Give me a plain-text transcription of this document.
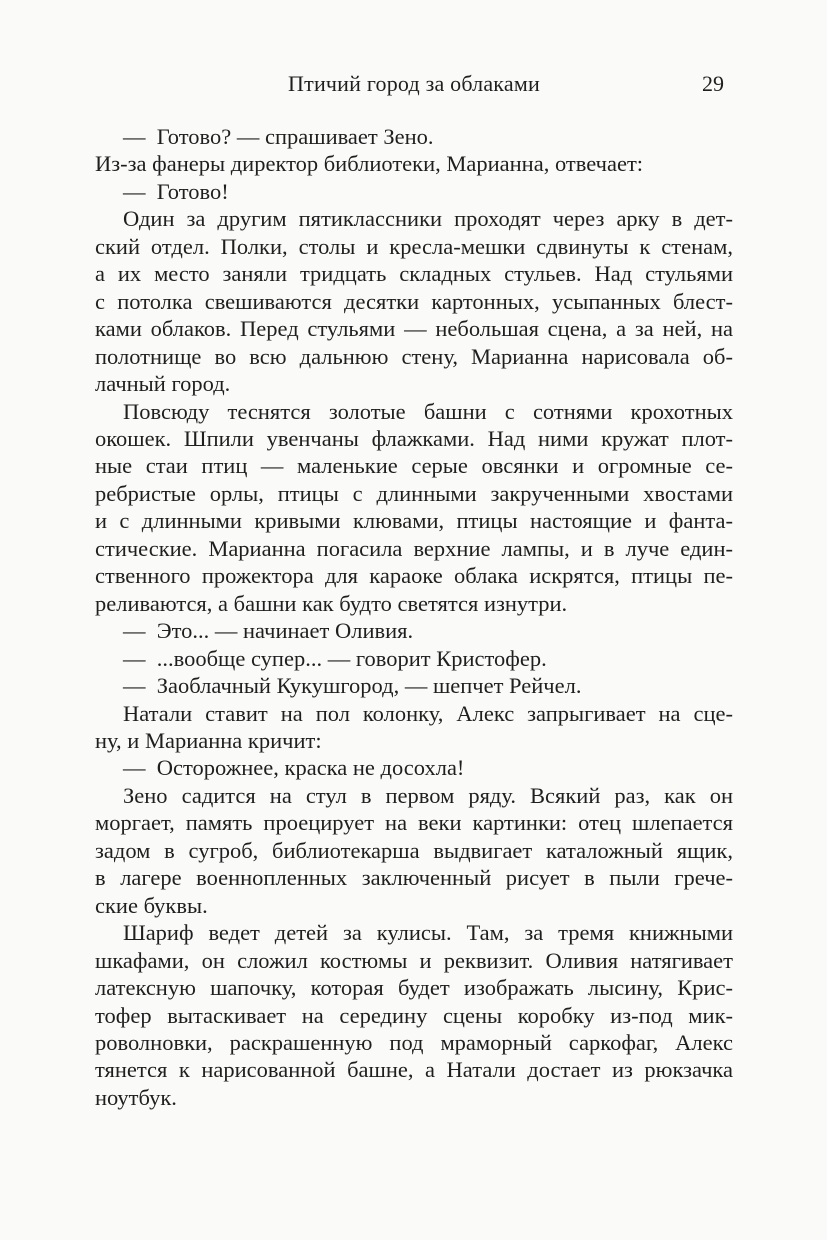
Птичий город за облаками	29
— Готово? — спрашивает Зено.
Из-за фанеры директор библиотеки, Марианна, отвечает:
— Готово!
Один за другим пятиклассники проходят через арку в дет-
ский отдел. Полки, столы и кресла-мешки сдвинуты к стенам,
а их место заняли тридцать складных стульев. Над стульями
с потолка свешиваются десятки картонных, усыпанных блест-
ками облаков. Перед стульями — небольшая сцена, а за ней, на
полотнище во всю дальнюю стену, Марианна нарисовала об-
лачный город.
Повсюду теснятся золотые башни с сотнями крохотных
окошек. Шпили увенчаны флажками. Над ними кружат плот-
ные стаи птиц — маленькие серые овсянки и огромные се-
ребристые орлы, птицы с длинными закрученными хвостами
и с длинными кривыми клювами, птицы настоящие и фанта-
стические. Марианна погасила верхние лампы, и в луче един-
ственного прожектора для караоке облака искрятся, птицы пе-
реливаются, а башни как будто светятся изнутри.
— Это... — начинает Оливия.
— ...вообще супер... — говорит Кристофер.
— Заоблачный Кукушгород, — шепчет Рейчел.
Натали ставит на пол колонку, Алекс запрыгивает на сце-
ну, и Марианна кричит:
— Осторожнее, краска не досохла!
Зено садится на стул в первом ряду. Всякий раз, как он
моргает, память проецирует на веки картинки: отец шлепается
задом в сугроб, библиотекарша выдвигает каталожный ящик,
в лагере военнопленных заключенный рисует в пыли грече-
ские буквы.
Шариф ведет детей за кулисы. Там, за тремя книжными
шкафами, он сложил костюмы и реквизит. Оливия натягивает
латексную шапочку, которая будет изображать лысину, Крис-
тофер вытаскивает на середину сцены коробку из-под мик-
роволновки, раскрашенную под мраморный саркофаг, Алекс
тянется к нарисованной башне, а Натали достает из рюкзачка
ноутбук.
